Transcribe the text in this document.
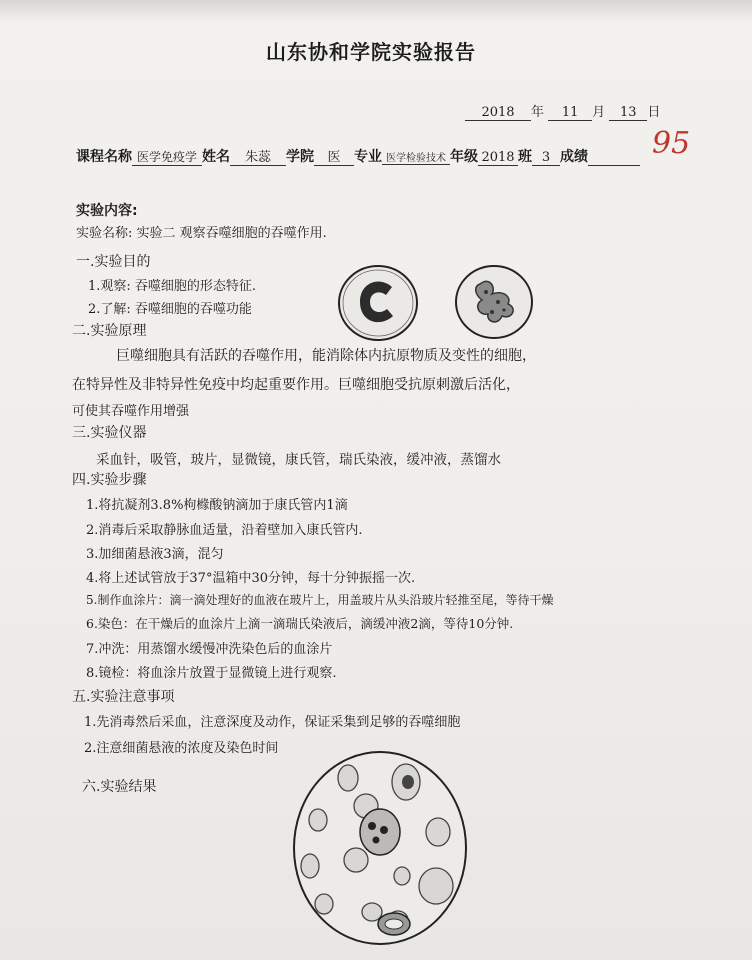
山东协和学院实验报告
2018 年 11 月 13 日
课程名称 医学免疫学 姓名 朱蕊 学院 医 专业 医学检验技术 年级 2018 班 3 成绩	95
实验内容:
实验名称: 实验二 观察吞噬细胞的吞噬作用.
一.实验目的
1.观察: 吞噬细胞的形态特征.
2.了解: 吞噬细胞的吞噬功能
二.实验原理
巨噬细胞具有活跃的吞噬作用，能消除体内抗原物质及变性的细胞，
在特异性及非特异性免疫中均起重要作用。巨噬细胞受抗原刺激后活化，
可使其吞噬作用增强
三.实验仪器
采血针，吸管，玻片，显微镜，康氏管，瑞氏染液，缓冲液，蒸馏水
四.实验步骤
1.将抗凝剂3.8%枸橼酸钠滴加于康氏管内1滴
2.消毒后采取静脉血适量，沿着壁加入康氏管内.
3.加细菌悬液3滴，混匀
4.将上述试管放于37°温箱中30分钟，每十分钟振摇一次.
5.制作血涂片：滴一滴处理好的血液在玻片上，用盖玻片从头沿玻片轻推至尾，等待干燥
6.染色：在干燥后的血涂片上滴一滴瑞氏染液后，滴缓冲液2滴，等待10分钟.
7.冲洗：用蒸馏水缓慢冲洗染色后的血涂片
8.镜检：将血涂片放置于显微镜上进行观察.
五.实验注意事项
1.先消毒然后采血，注意深度及动作，保证采集到足够的吞噬细胞
2.注意细菌悬液的浓度及染色时间
六.实验结果
